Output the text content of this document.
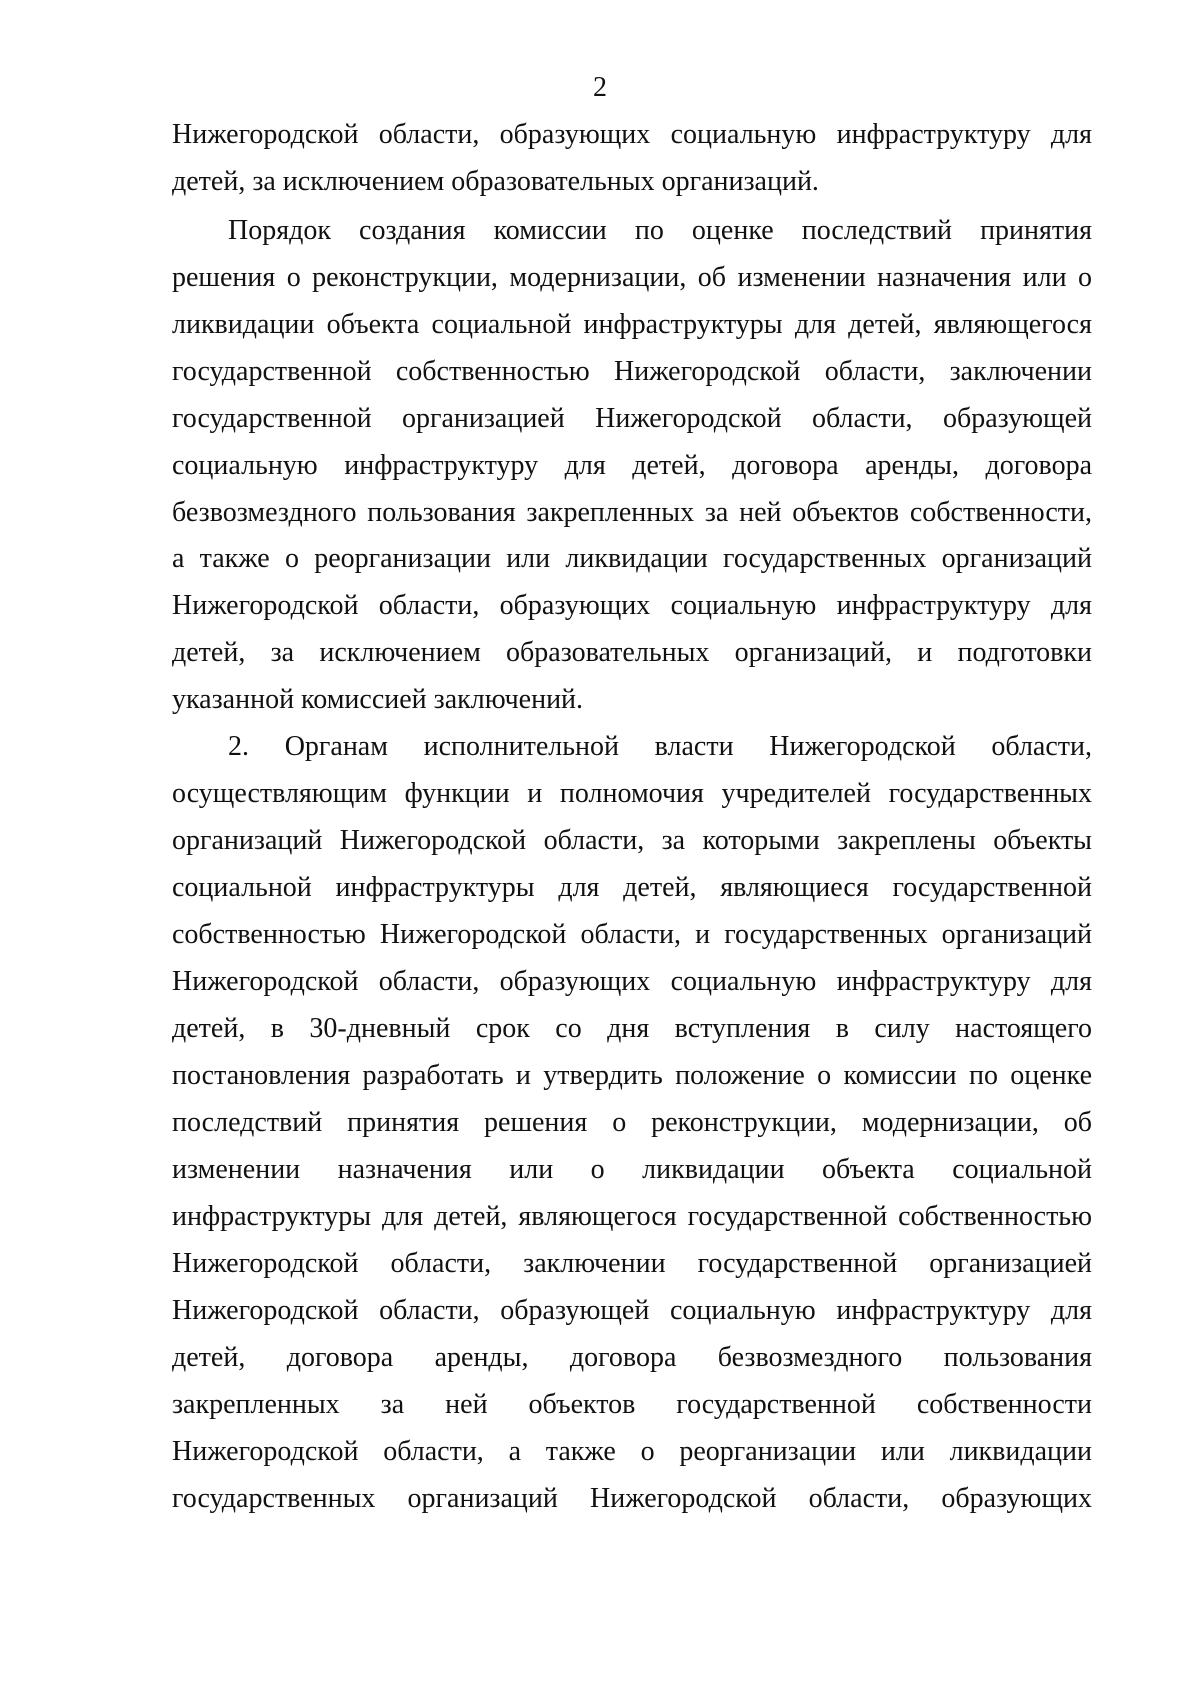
2
Нижегородской области, образующих социальную инфраструктуру для
детей, за исключением образовательных организаций.
Порядок создания комиссии по оценке последствий принятия
решения о реконструкции, модернизации, об изменении назначения или о
ликвидации объекта социальной инфраструктуры для детей, являющегося
государственной собственностью Нижегородской области, заключении
государственной организацией Нижегородской области, образующей
социальную инфраструктуру для детей, договора аренды, договора
безвозмездного пользования закрепленных за ней объектов собственности,
а также о реорганизации или ликвидации государственных организаций
Нижегородской области, образующих социальную инфраструктуру для
детей, за исключением образовательных организаций, и подготовки
указанной комиссией заключений.
2. Органам исполнительной власти Нижегородской области,
осуществляющим функции и полномочия учредителей государственных
организаций Нижегородской области, за которыми закреплены объекты
социальной инфраструктуры для детей, являющиеся государственной
собственностью Нижегородской области, и государственных организаций
Нижегородской области, образующих социальную инфраструктуру для
детей, в 30-дневный срок со дня вступления в силу настоящего
постановления разработать и утвердить положение о комиссии по оценке
последствий принятия решения о реконструкции, модернизации, об
изменении назначения или о ликвидации объекта социальной
инфраструктуры для детей, являющегося государственной собственностью
Нижегородской области, заключении государственной организацией
Нижегородской области, образующей социальную инфраструктуру для
детей, договора аренды, договора безвозмездного пользования
закрепленных за ней объектов государственной собственности
Нижегородской области, а также о реорганизации или ликвидации
государственных организаций Нижегородской области, образующих
